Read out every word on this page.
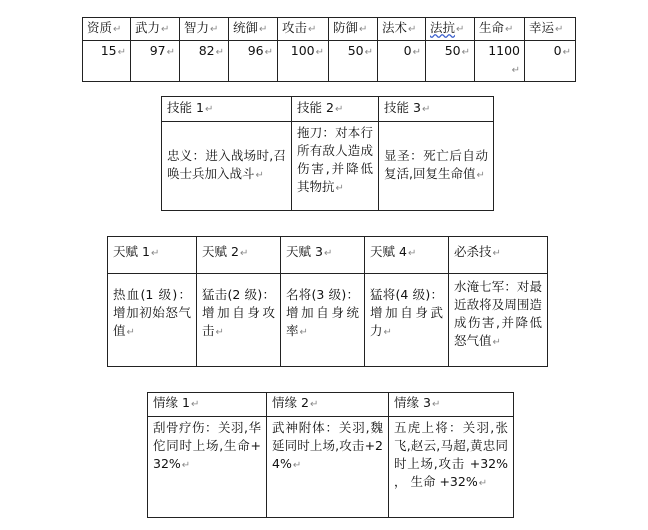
资质↵	武力↵	智力↵	统御↵	攻击↵	防御↵	法术↵	法抗↵	生命↵	幸运↵
15↵	97↵	82↵	96↵	100↵	50↵	0↵	50↵	1100↵	0↵
技能 1↵	技能 2↵	技能 3↵
忠义：进入战场时,召唤士兵加入战斗↵	拖刀：对本行所有敌人造成伤害,并降低其物抗↵	显圣：死亡后自动复活,回复生命值↵
天赋 1↵	天赋 2↵	天赋 3↵	天赋 4↵	必杀技↵
热血(1 级)：增加初始怒气值↵	猛击(2 级)：增加自身攻击↵	名将(3 级)：增加自身统率↵	猛将(4 级)：增加自身武力↵	水淹七军：对最近敌将及周围造成伤害,并降低怒气值↵
情缘 1↵	情缘 2↵	情缘 3↵
刮骨疗伤：关羽,华佗同时上场,生命+32%↵	武神附体：关羽,魏延同时上场,攻击+24%↵	五虎上将：关羽,张飞,赵云,马超,黄忠同时上场,攻击 +32% ， 生命 +32%↵
